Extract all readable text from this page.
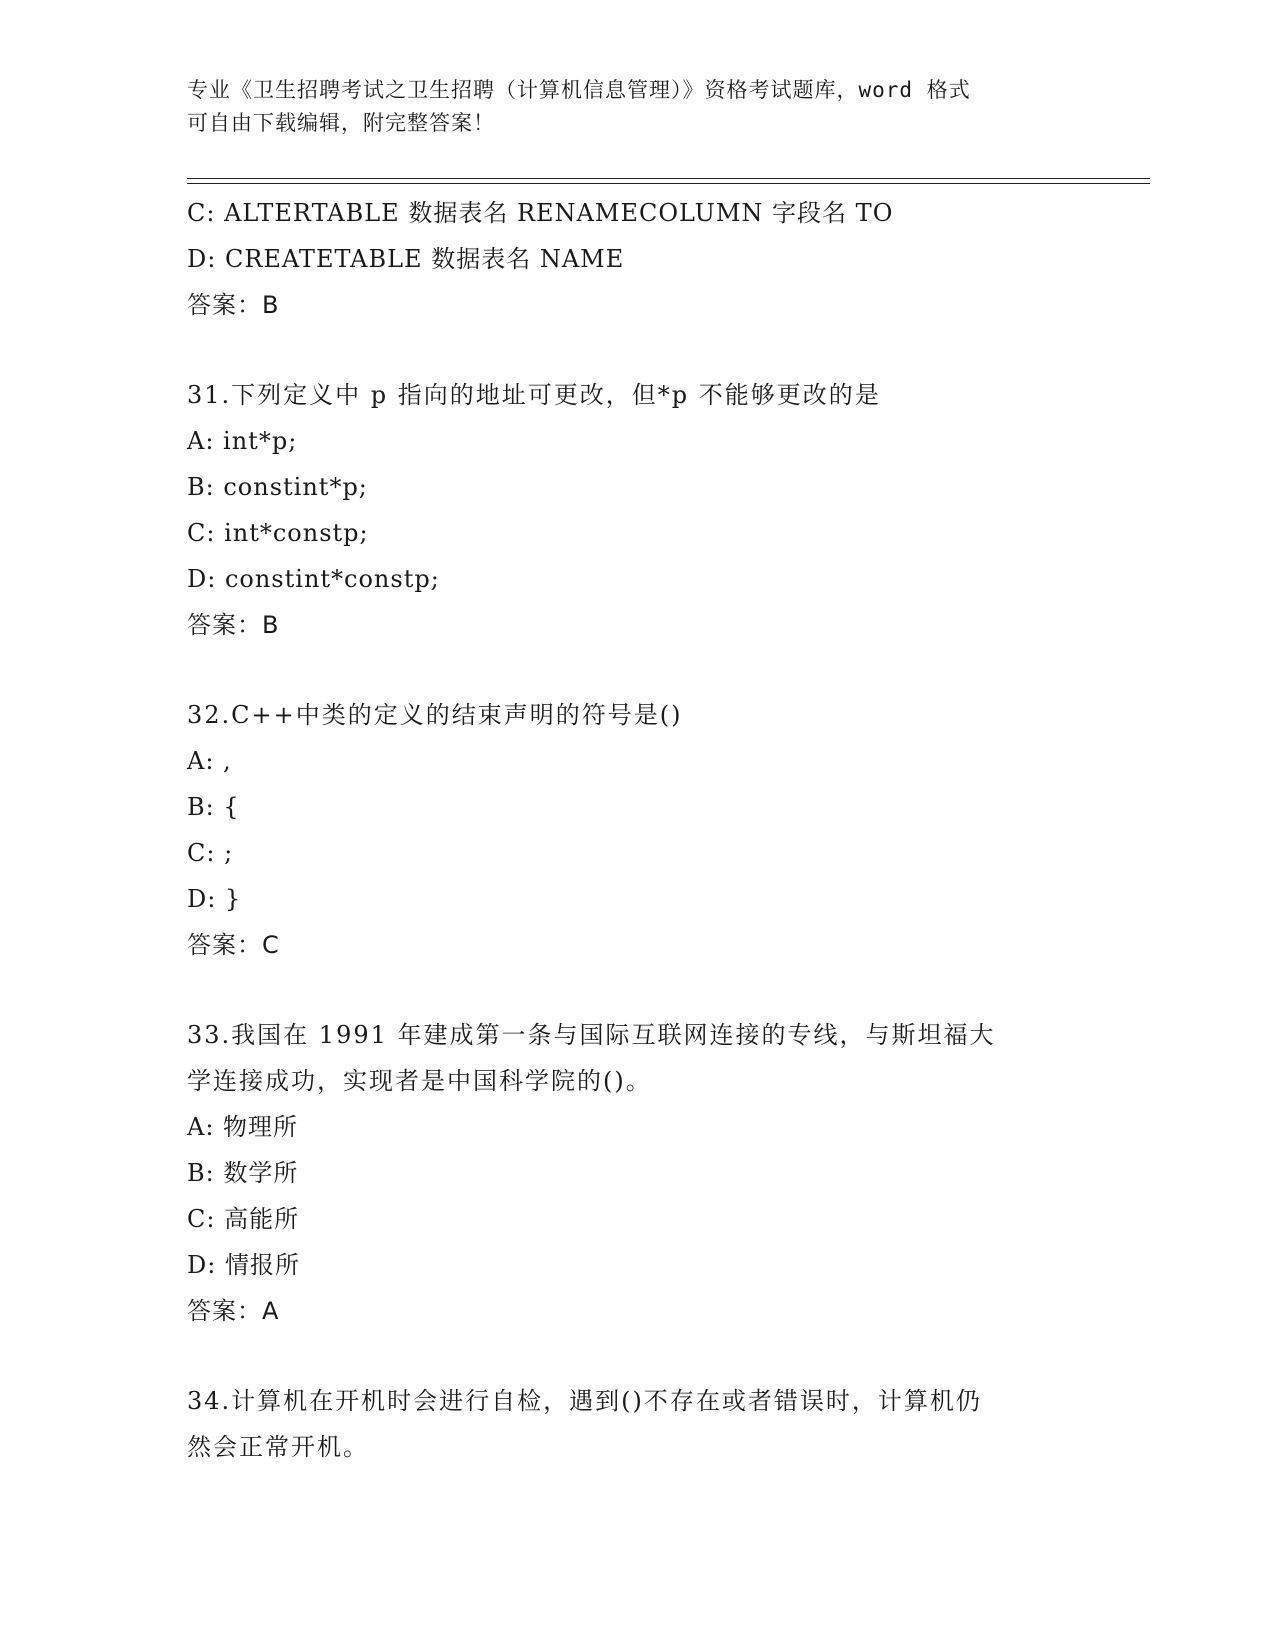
专业《卫生招聘考试之卫生招聘（计算机信息管理）》资格考试题库，word 格式

可自由下载编辑，附完整答案！

C: ALTERTABLE 数据表名 RENAMECOLUMN 字段名 TO
D: CREATETABLE 数据表名 NAME
答案：B
31.下列定义中 p 指向的地址可更改，但*p 不能够更改的是
A: int*p;
B: constint*p;
C: int*constp;
D: constint*constp;
答案：B
32.C++中类的定义的结束声明的符号是()
A: ,
B: {
C: ;
D: }
答案：C
33.我国在 1991 年建成第一条与国际互联网连接的专线，与斯坦福大
学连接成功，实现者是中国科学院的()。
A: 物理所
B: 数学所
C: 高能所
D: 情报所
答案：A
34.计算机在开机时会进行自检，遇到()不存在或者错误时，计算机仍
然会正常开机。
